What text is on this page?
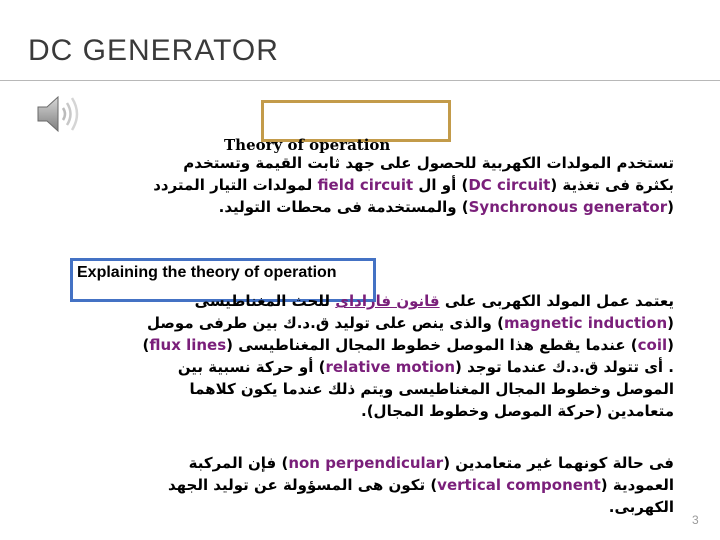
DC GENERATOR
Theory of operation
تستخدم المولدات الكهربية للحصول على جهد ثابت القيمة وتستخدم
بكثرة فى تغذية (DC circuit) أو ال field circuit لمولدات التيار المتردد
(Synchronous generator) والمستخدمة فى محطات التوليد.
Explaining the theory of operation
يعتمد عمل المولد الكهربى على قانون فاراداى للحث المغناطيسى
(magnetic induction) والذى ينص على توليد ق.د.ك بين طرفى موصل
(coil) عندما يقطع هذا الموصل خطوط المجال المغناطيسى (flux lines)
. أى تتولد ق.د.ك عندما توجد (relative motion) أو حركة نسبية بين
الموصل وخطوط المجال المغناطيسى ويتم ذلك عندما يكون كلاهما
متعامدين (حركة الموصل وخطوط المجال).
فى حالة كونهما غير متعامدين (non perpendicular) فإن المركبة
العمودية (vertical component) تكون هى المسؤولة عن توليد الجهد
الكهربى.
3
